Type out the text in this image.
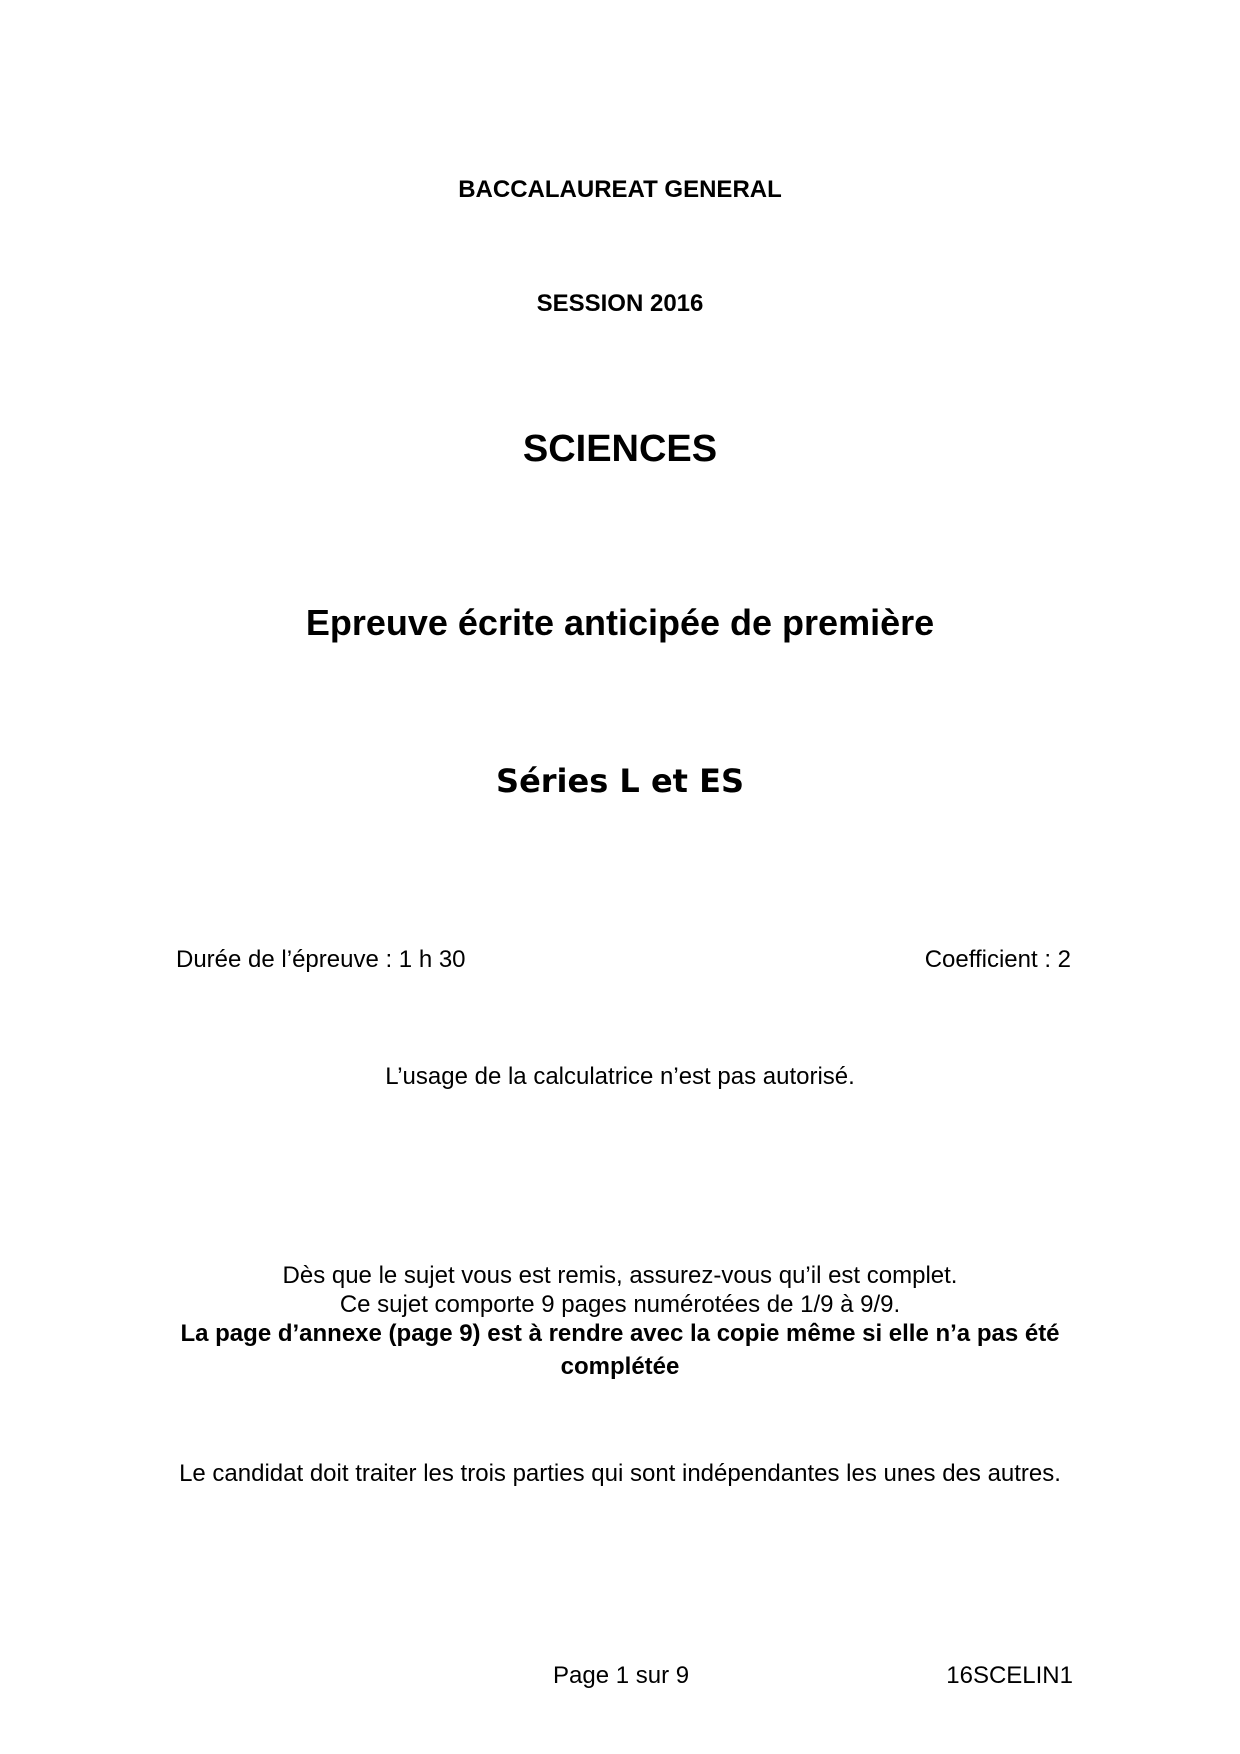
BACCALAUREAT GENERAL

SESSION 2016

SCIENCES

Epreuve écrite anticipée de première

Séries L et ES

Durée de l’épreuve : 1 h 30	Coefficient : 2

L’usage de la calculatrice n’est pas autorisé.

Dès que le sujet vous est remis, assurez-vous qu’il est complet.

Ce sujet comporte 9 pages numérotées de 1/9 à 9/9.

La page d’annexe (page 9) est à rendre avec la copie même si elle n’a pas été

complétée

Le candidat doit traiter les trois parties qui sont indépendantes les unes des autres.

Page 1 sur 9	16SCELIN1
